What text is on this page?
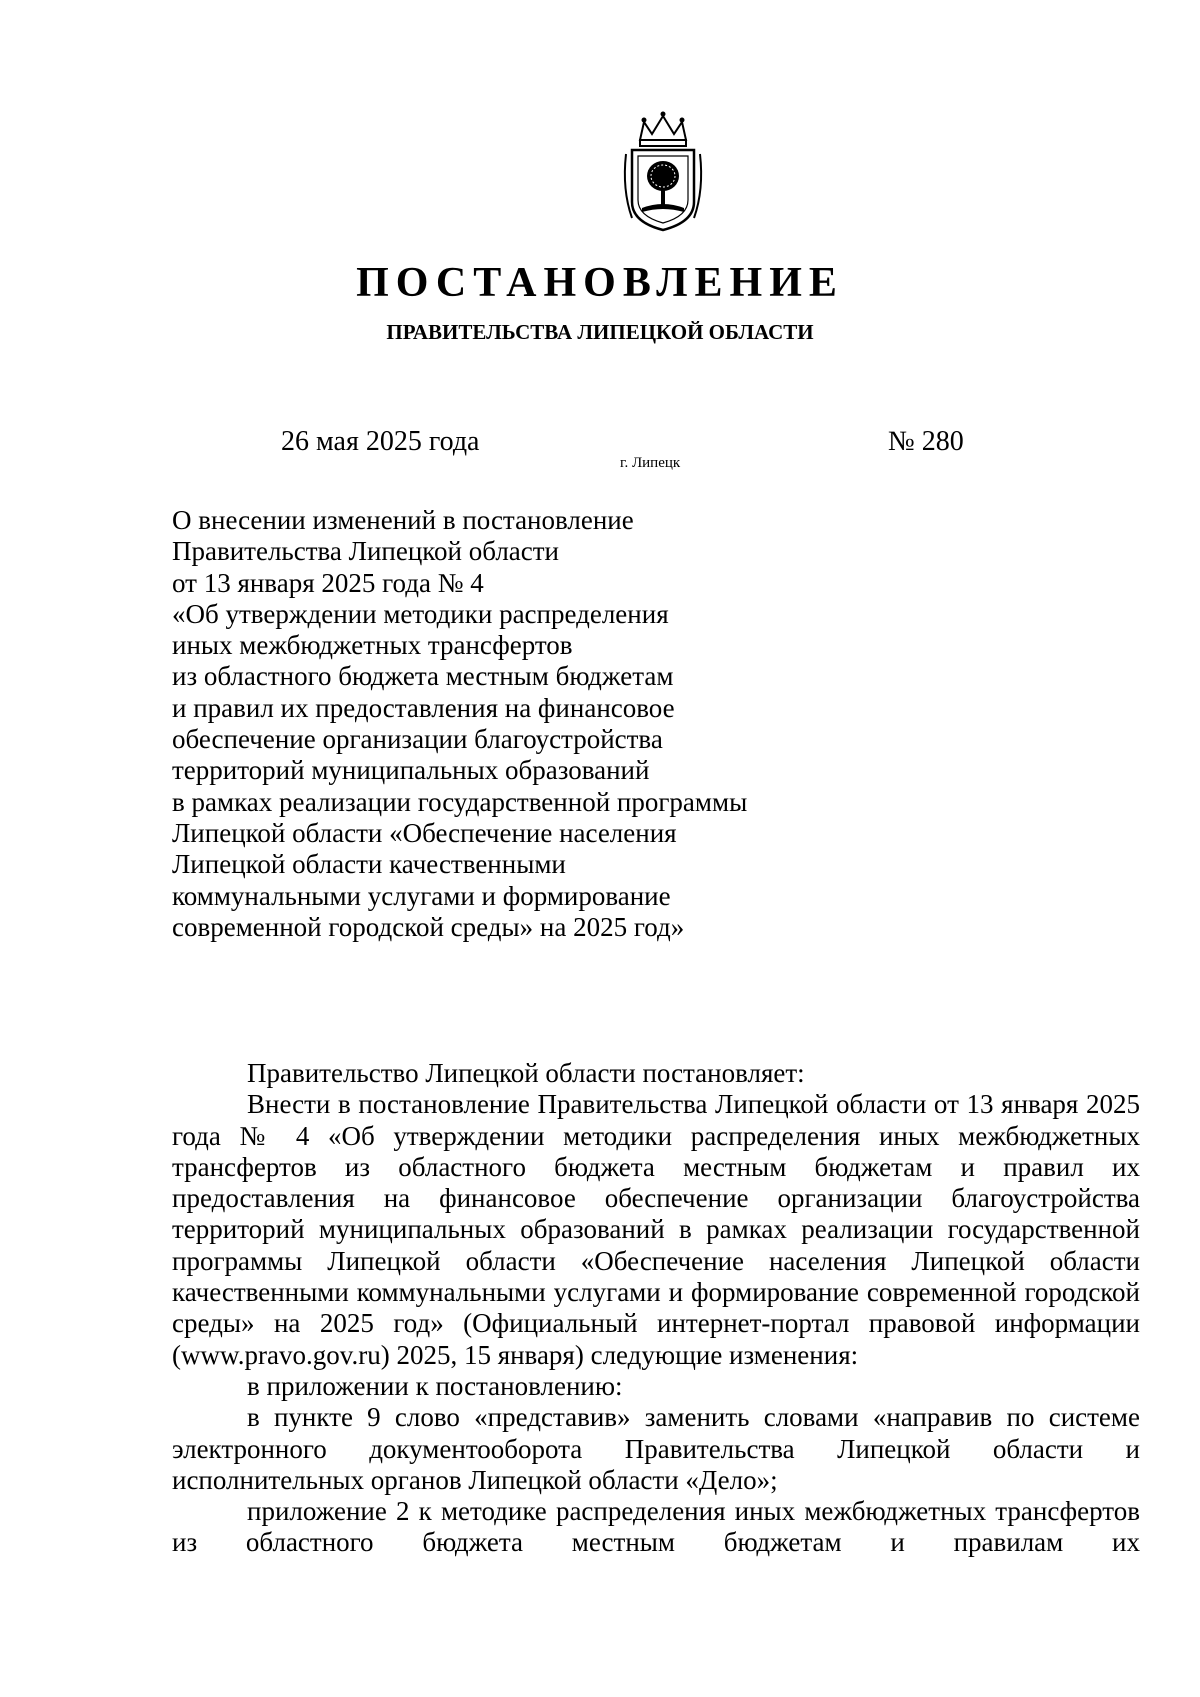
ПОСТАНОВЛЕНИЕ
ПРАВИТЕЛЬСТВА ЛИПЕЦКОЙ ОБЛАСТИ
26 мая 2025 года
г. Липецк
№ 280
О внесении изменений в постановление
Правительства Липецкой области
от 13 января 2025 года № 4
«Об утверждении методики распределения
иных межбюджетных трансфертов
из областного бюджета местным бюджетам
и правил их предоставления на финансовое
обеспечение организации благоустройства
территорий муниципальных образований
в рамках реализации государственной программы
Липецкой области «Обеспечение населения
Липецкой области качественными
коммунальными услугами и формирование
современной городской среды» на 2025 год»

Правительство Липецкой области постановляет:

Внести в постановление Правительства Липецкой области от 13 января 2025 года № 4 «Об утверждении методики распределения иных межбюджетных трансфертов из областного бюджета местным бюджетам и правил их предоставления на финансовое обеспечение организации благоустройства территорий муниципальных образований в рамках реализации государственной программы Липецкой области «Обеспечение населения Липецкой области качественными коммунальными услугами и формирование современной городской среды» на 2025 год» (Официальный интернет-портал правовой информации (www.pravo.gov.ru) 2025, 15 января) следующие изменения:

в приложении к постановлению:

в пункте 9 слово «представив» заменить словами «направив по системе электронного документооборота Правительства Липецкой области и исполнительных органов Липецкой области «Дело»;

приложение 2 к методике распределения иных межбюджетных трансфертов из областного бюджета местным бюджетам и правилам их
